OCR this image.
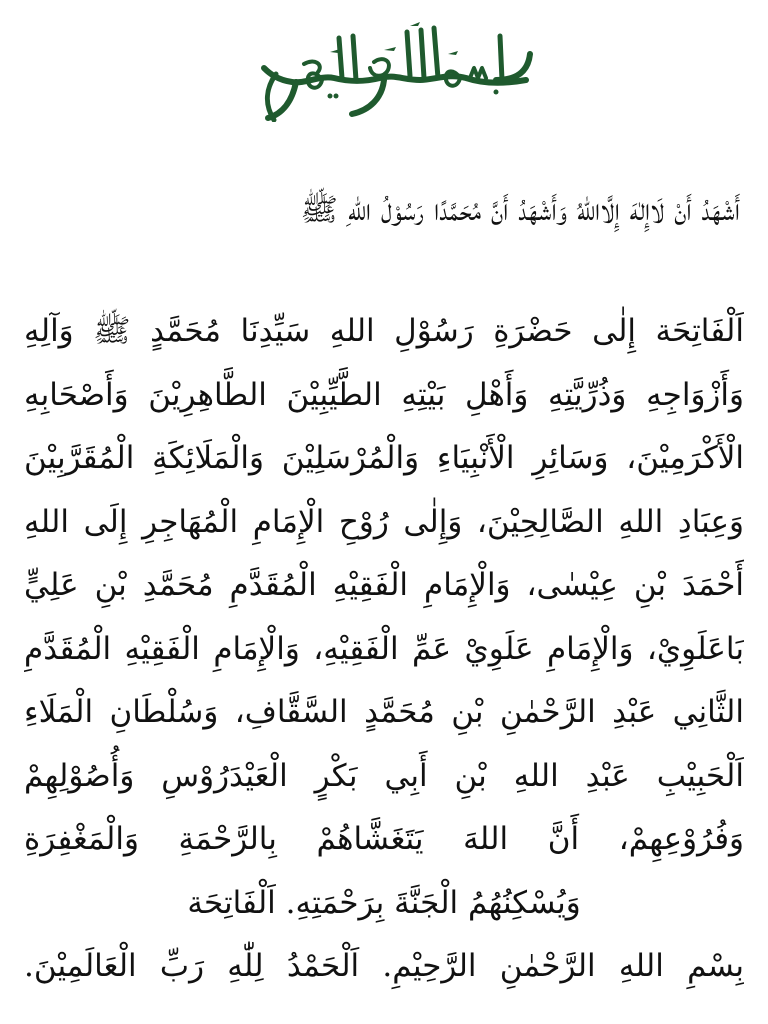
أَشْهَدُ أَنْ لَاإِلٰهَ إِلَّااللهُ وَأَشْهَدُ أَنَّ مُحَمَّدًا رَسُوْلُ اللهِ ﷺ
اَلْفَاتِحَة إِلٰى حَضْرَةِ رَسُوْلِ اللهِ سَيِّدِنَا مُحَمَّدٍ ﷺ وَآلِهِ
وَأَزْوَاجِهِ وَذُرِّيَّتِهِ وَأَهْلِ بَيْتِهِ الطَّيِّبِيْنَ الطَّاهِرِيْنَ وَأَصْحَابِهِ
الْأَكْرَمِيْنَ، وَسَائِرِ الْأَنْبِيَاءِ وَالْمُرْسَلِيْنَ وَالْمَلَائِكَةِ الْمُقَرَّبِيْنَ
وَعِبَادِ اللهِ الصَّالِحِيْنَ، وَإِلٰى رُوْحِ الْإِمَامِ الْمُهَاجِرِ إِلَى اللهِ
أَحْمَدَ بْنِ عِيْسٰى، وَالْإِمَامِ الْفَقِيْهِ الْمُقَدَّمِ مُحَمَّدِ بْنِ عَلِيٍّ
بَاعَلَوِيْ، وَالْإِمَامِ عَلَوِيْ عَمِّ الْفَقِيْهِ، وَالْإِمَامِ الْفَقِيْهِ الْمُقَدَّمِ
الثَّانِي عَبْدِ الرَّحْمٰنِ بْنِ مُحَمَّدٍ السَّقَّافِ، وَسُلْطَانِ الْمَلَاءِ
اَلْحَبِيْبِ عَبْدِ اللهِ بْنِ أَبِي بَكْرٍ الْعَيْدَرُوْسِ وَأُصُوْلِهِمْ
وَفُرُوْعِهِمْ، أَنَّ اللهَ يَتَغَشَّاهُمْ بِالرَّحْمَةِ وَالْمَغْفِرَةِ
وَيُسْكِنُهُمُ الْجَنَّةَ بِرَحْمَتِهِ. اَلْفَاتِحَة
بِسْمِ اللهِ الرَّحْمٰنِ الرَّحِيْمِ. اَلْحَمْدُ لِلّٰهِ رَبِّ الْعَالَمِيْنَ.
